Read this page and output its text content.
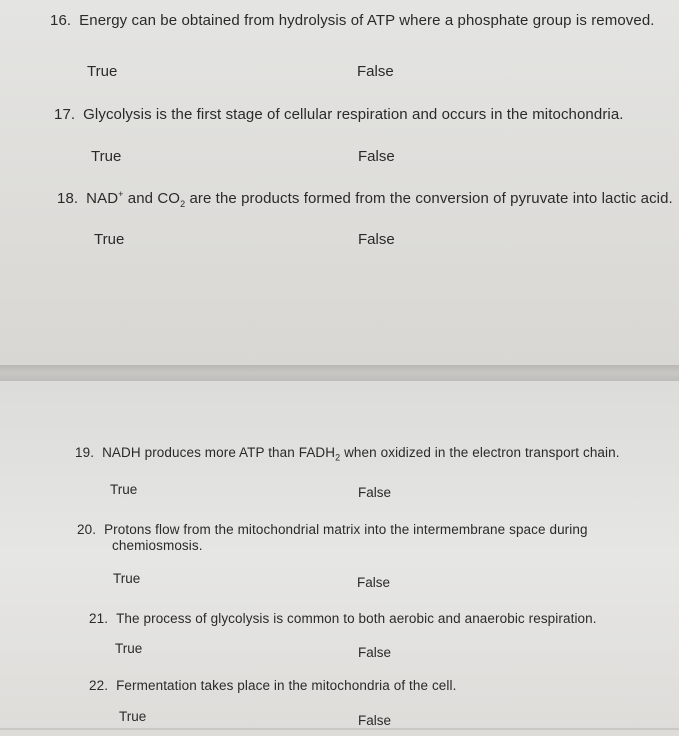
16. Energy can be obtained from hydrolysis of ATP where a phosphate group is removed.
True	False
17. Glycolysis is the first stage of cellular respiration and occurs in the mitochondria.
True	False
18. NAD+ and $CO_2$ are the products formed from the conversion of pyruvate into lactic acid.
True	False
19. NADH produces more ATP than $FADH_2$ when oxidized in the electron transport chain.
True	False
20. Protons flow from the mitochondrial matrix into the intermembrane space during
chemiosmosis.
True	False
21. The process of glycolysis is common to both aerobic and anaerobic respiration.
True	False
22. Fermentation takes place in the mitochondria of the cell.
True	False
